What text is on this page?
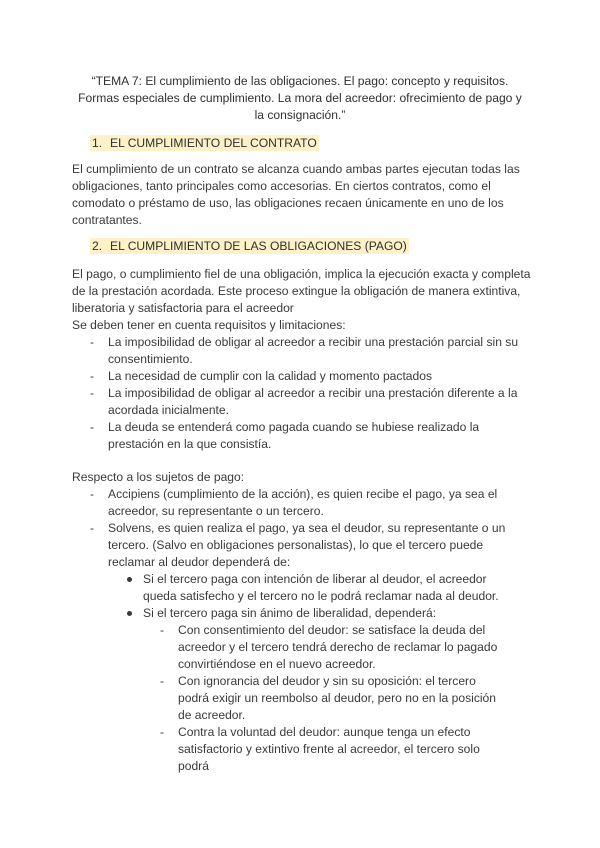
“TEMA 7: El cumplimiento de las obligaciones. El pago: concepto y requisitos. Formas especiales de cumplimiento. La mora del acreedor: ofrecimiento de pago y la consignación.”
1. EL CUMPLIMIENTO DEL CONTRATO

El cumplimiento de un contrato se alcanza cuando ambas partes ejecutan todas las obligaciones, tanto principales como accesorias. En ciertos contratos, como el comodato o préstamo de uso, las obligaciones recaen únicamente en uno de los contratantes.

2. EL CUMPLIMIENTO DE LAS OBLIGACIONES (PAGO)

El pago, o cumplimiento fiel de una obligación, implica la ejecución exacta y completa de la prestación acordada. Este proceso extingue la obligación de manera extintiva, liberatoria y satisfactoria para el acreedor

Se deben tener en cuenta requisitos y limitaciones:

- La imposibilidad de obligar al acreedor a recibir una prestación parcial sin su consentimiento.
- La necesidad de cumplir con la calidad y momento pactados
- La imposibilidad de obligar al acreedor a recibir una prestación diferente a la acordada inicialmente.
- La deuda se entenderá como pagada cuando se hubiese realizado la prestación en la que consistía.

Respecto a los sujetos de pago:

- Accipiens (cumplimiento de la acción), es quien recibe el pago, ya sea el acreedor, su representante o un tercero.
- Solvens, es quien realiza el pago, ya sea el deudor, su representante o un tercero. (Salvo en obligaciones personalistas), lo que el tercero puede reclamar al deudor dependerá de:
Si el tercero paga con intención de liberar al deudor, el acreedor queda satisfecho y el tercero no le podrá reclamar nada al deudor.
Si el tercero paga sin ánimo de liberalidad, dependerá:
- Con consentimiento del deudor: se satisface la deuda del acreedor y el tercero tendrá derecho de reclamar lo pagado convirtiéndose en el nuevo acreedor.
- Con ignorancia del deudor y sin su oposición: el tercero podrá exigir un reembolso al deudor, pero no en la posición de acreedor.
- Contra la voluntad del deudor: aunque tenga un efecto satisfactorio y extintivo frente al acreedor, el tercero solo podrá
